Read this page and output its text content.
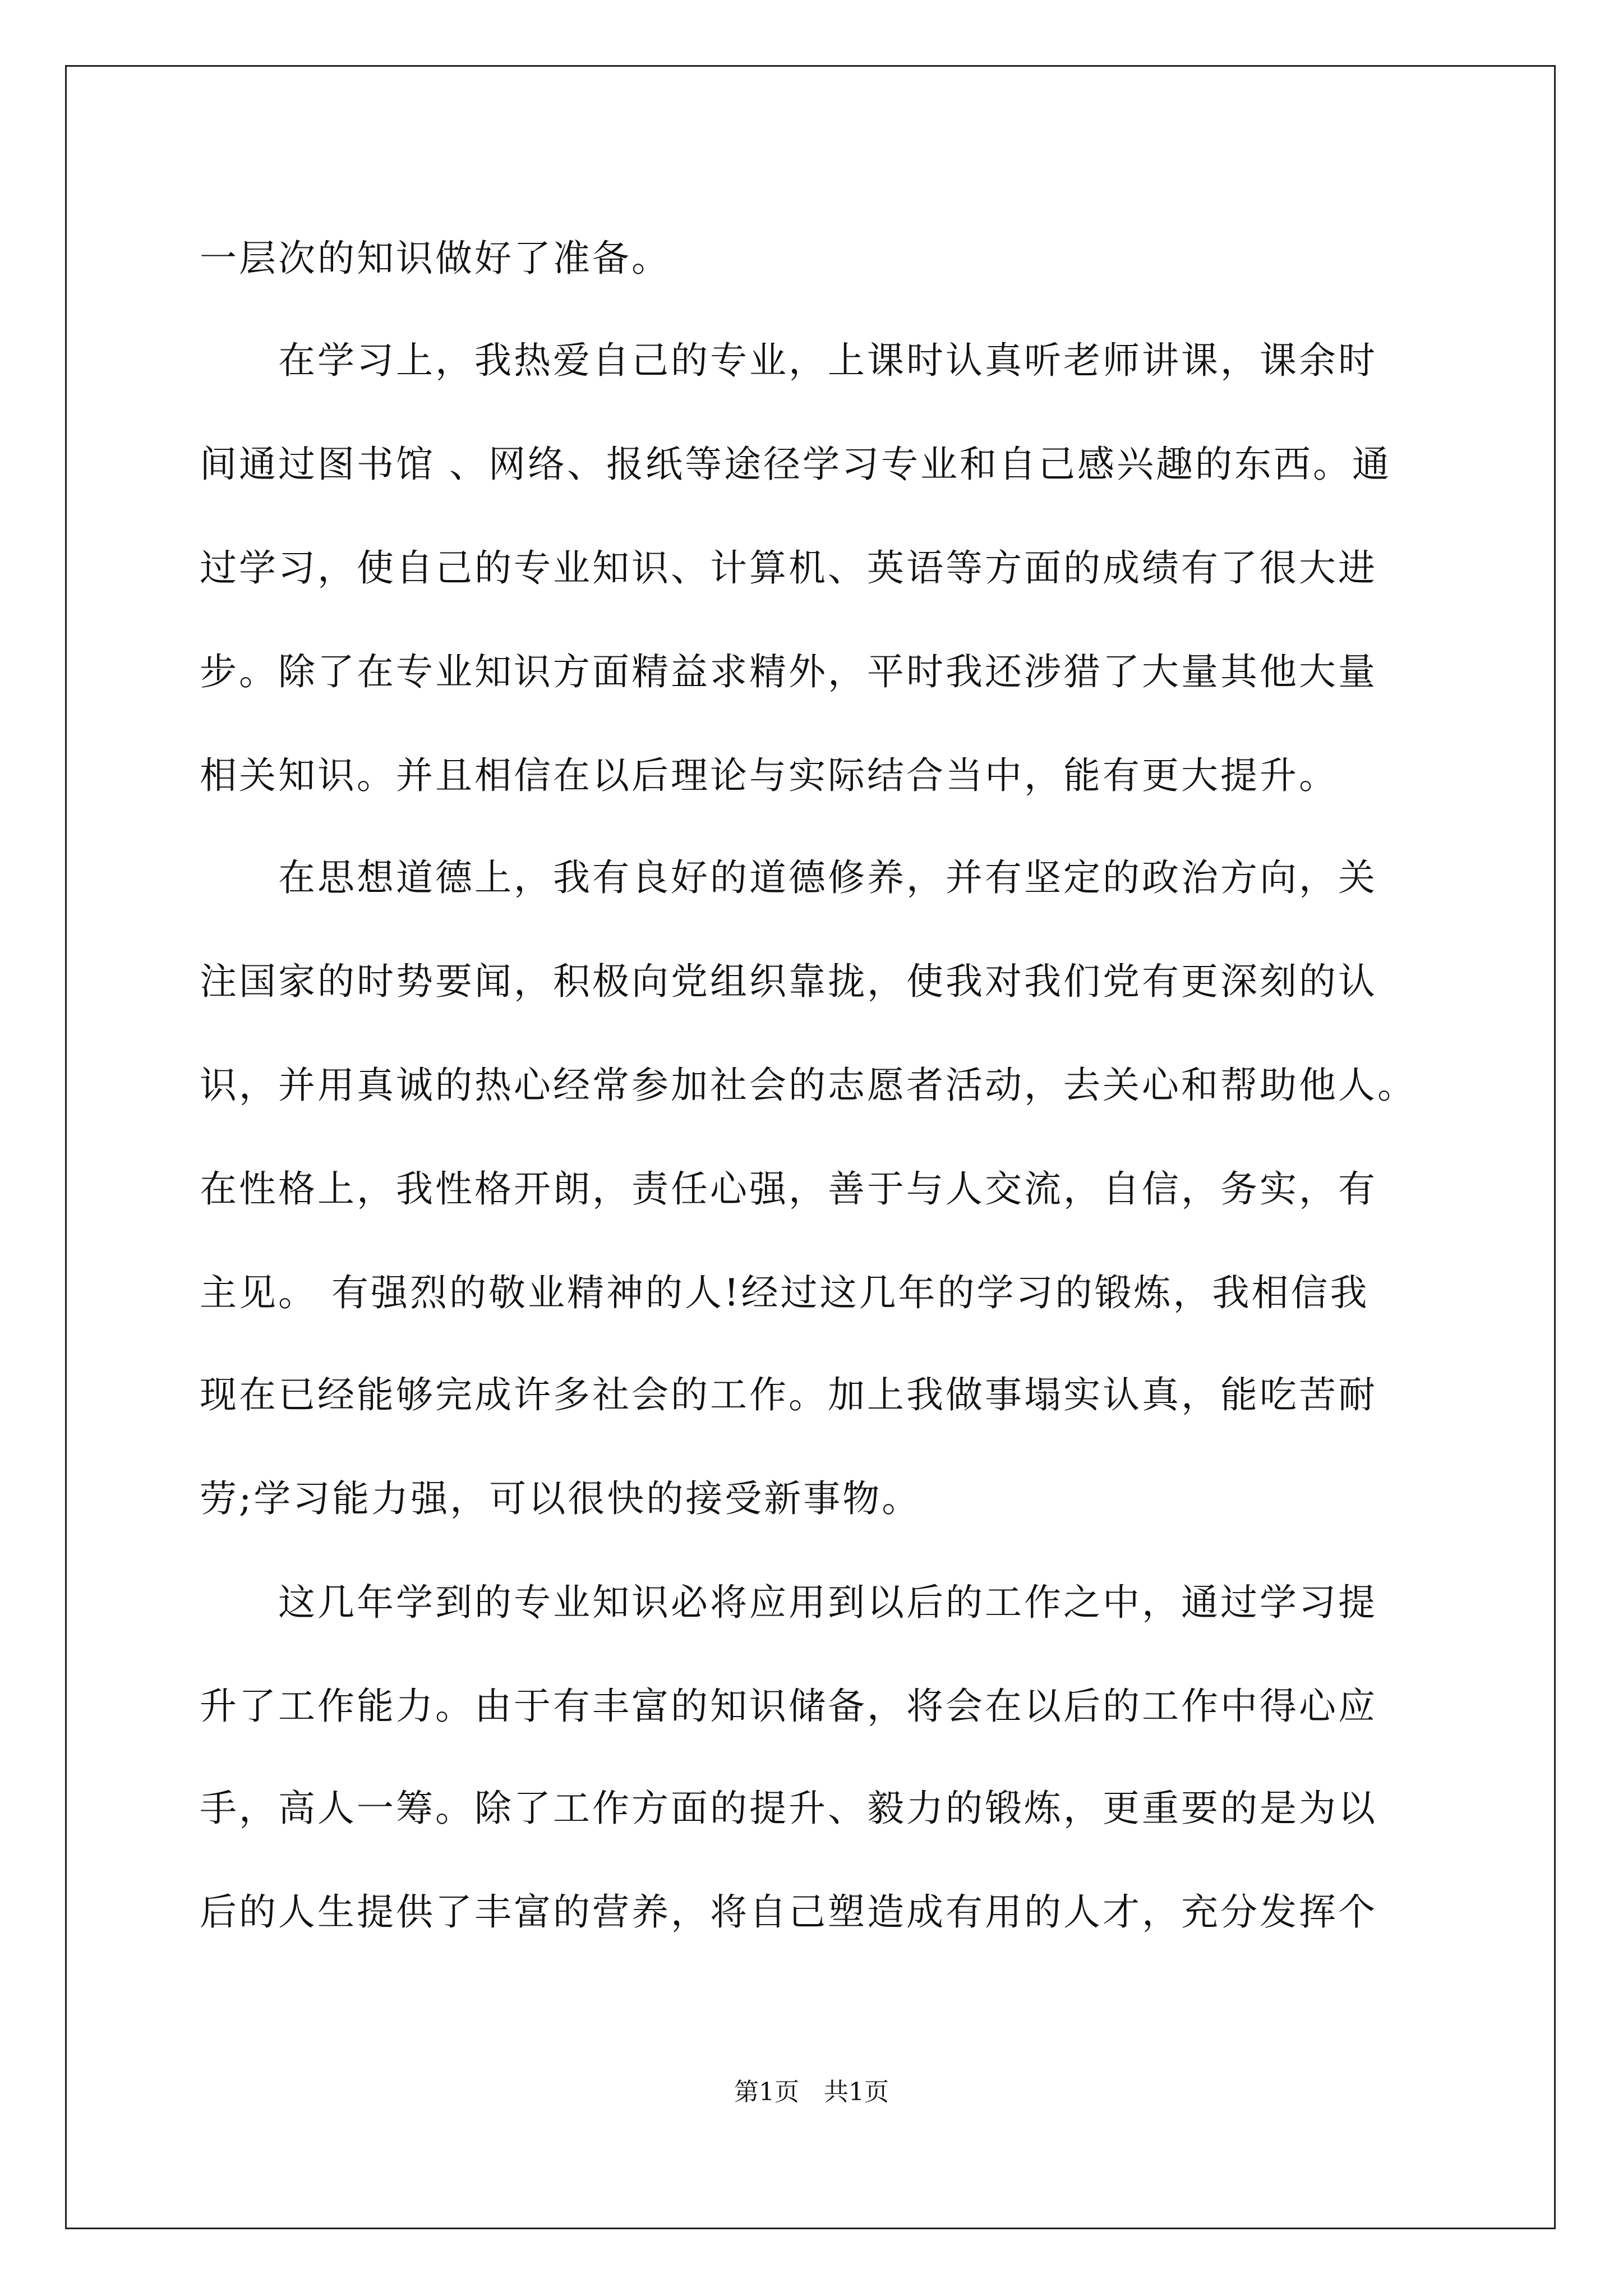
一层次的知识做好了准备。
　　在学习上，我热爱自己的专业，上课时认真听老师讲课，课余时
间通过图书馆 、网络、报纸等途径学习专业和自己感兴趣的东西。通
过学习，使自己的专业知识、计算机、英语等方面的成绩有了很大进
步。除了在专业知识方面精益求精外，平时我还涉猎了大量其他大量
相关知识。并且相信在以后理论与实际结合当中，能有更大提升。
　　在思想道德上，我有良好的道德修养，并有坚定的政治方向，关
注国家的时势要闻，积极向党组织靠拢，使我对我们党有更深刻的认
识，并用真诚的热心经常参加社会的志愿者活动，去关心和帮助他人。
在性格上，我性格开朗，责任心强，善于与人交流，自信，务实，有
主见。 有强烈的敬业精神的人!经过这几年的学习的锻炼，我相信我
现在已经能够完成许多社会的工作。加上我做事塌实认真，能吃苦耐
劳;学习能力强，可以很快的接受新事物。
　　这几年学到的专业知识必将应用到以后的工作之中，通过学习提
升了工作能力。由于有丰富的知识储备，将会在以后的工作中得心应
手，高人一筹。除了工作方面的提升、毅力的锻炼，更重要的是为以
后的人生提供了丰富的营养，将自己塑造成有用的人才，充分发挥个
第1页　共1页
